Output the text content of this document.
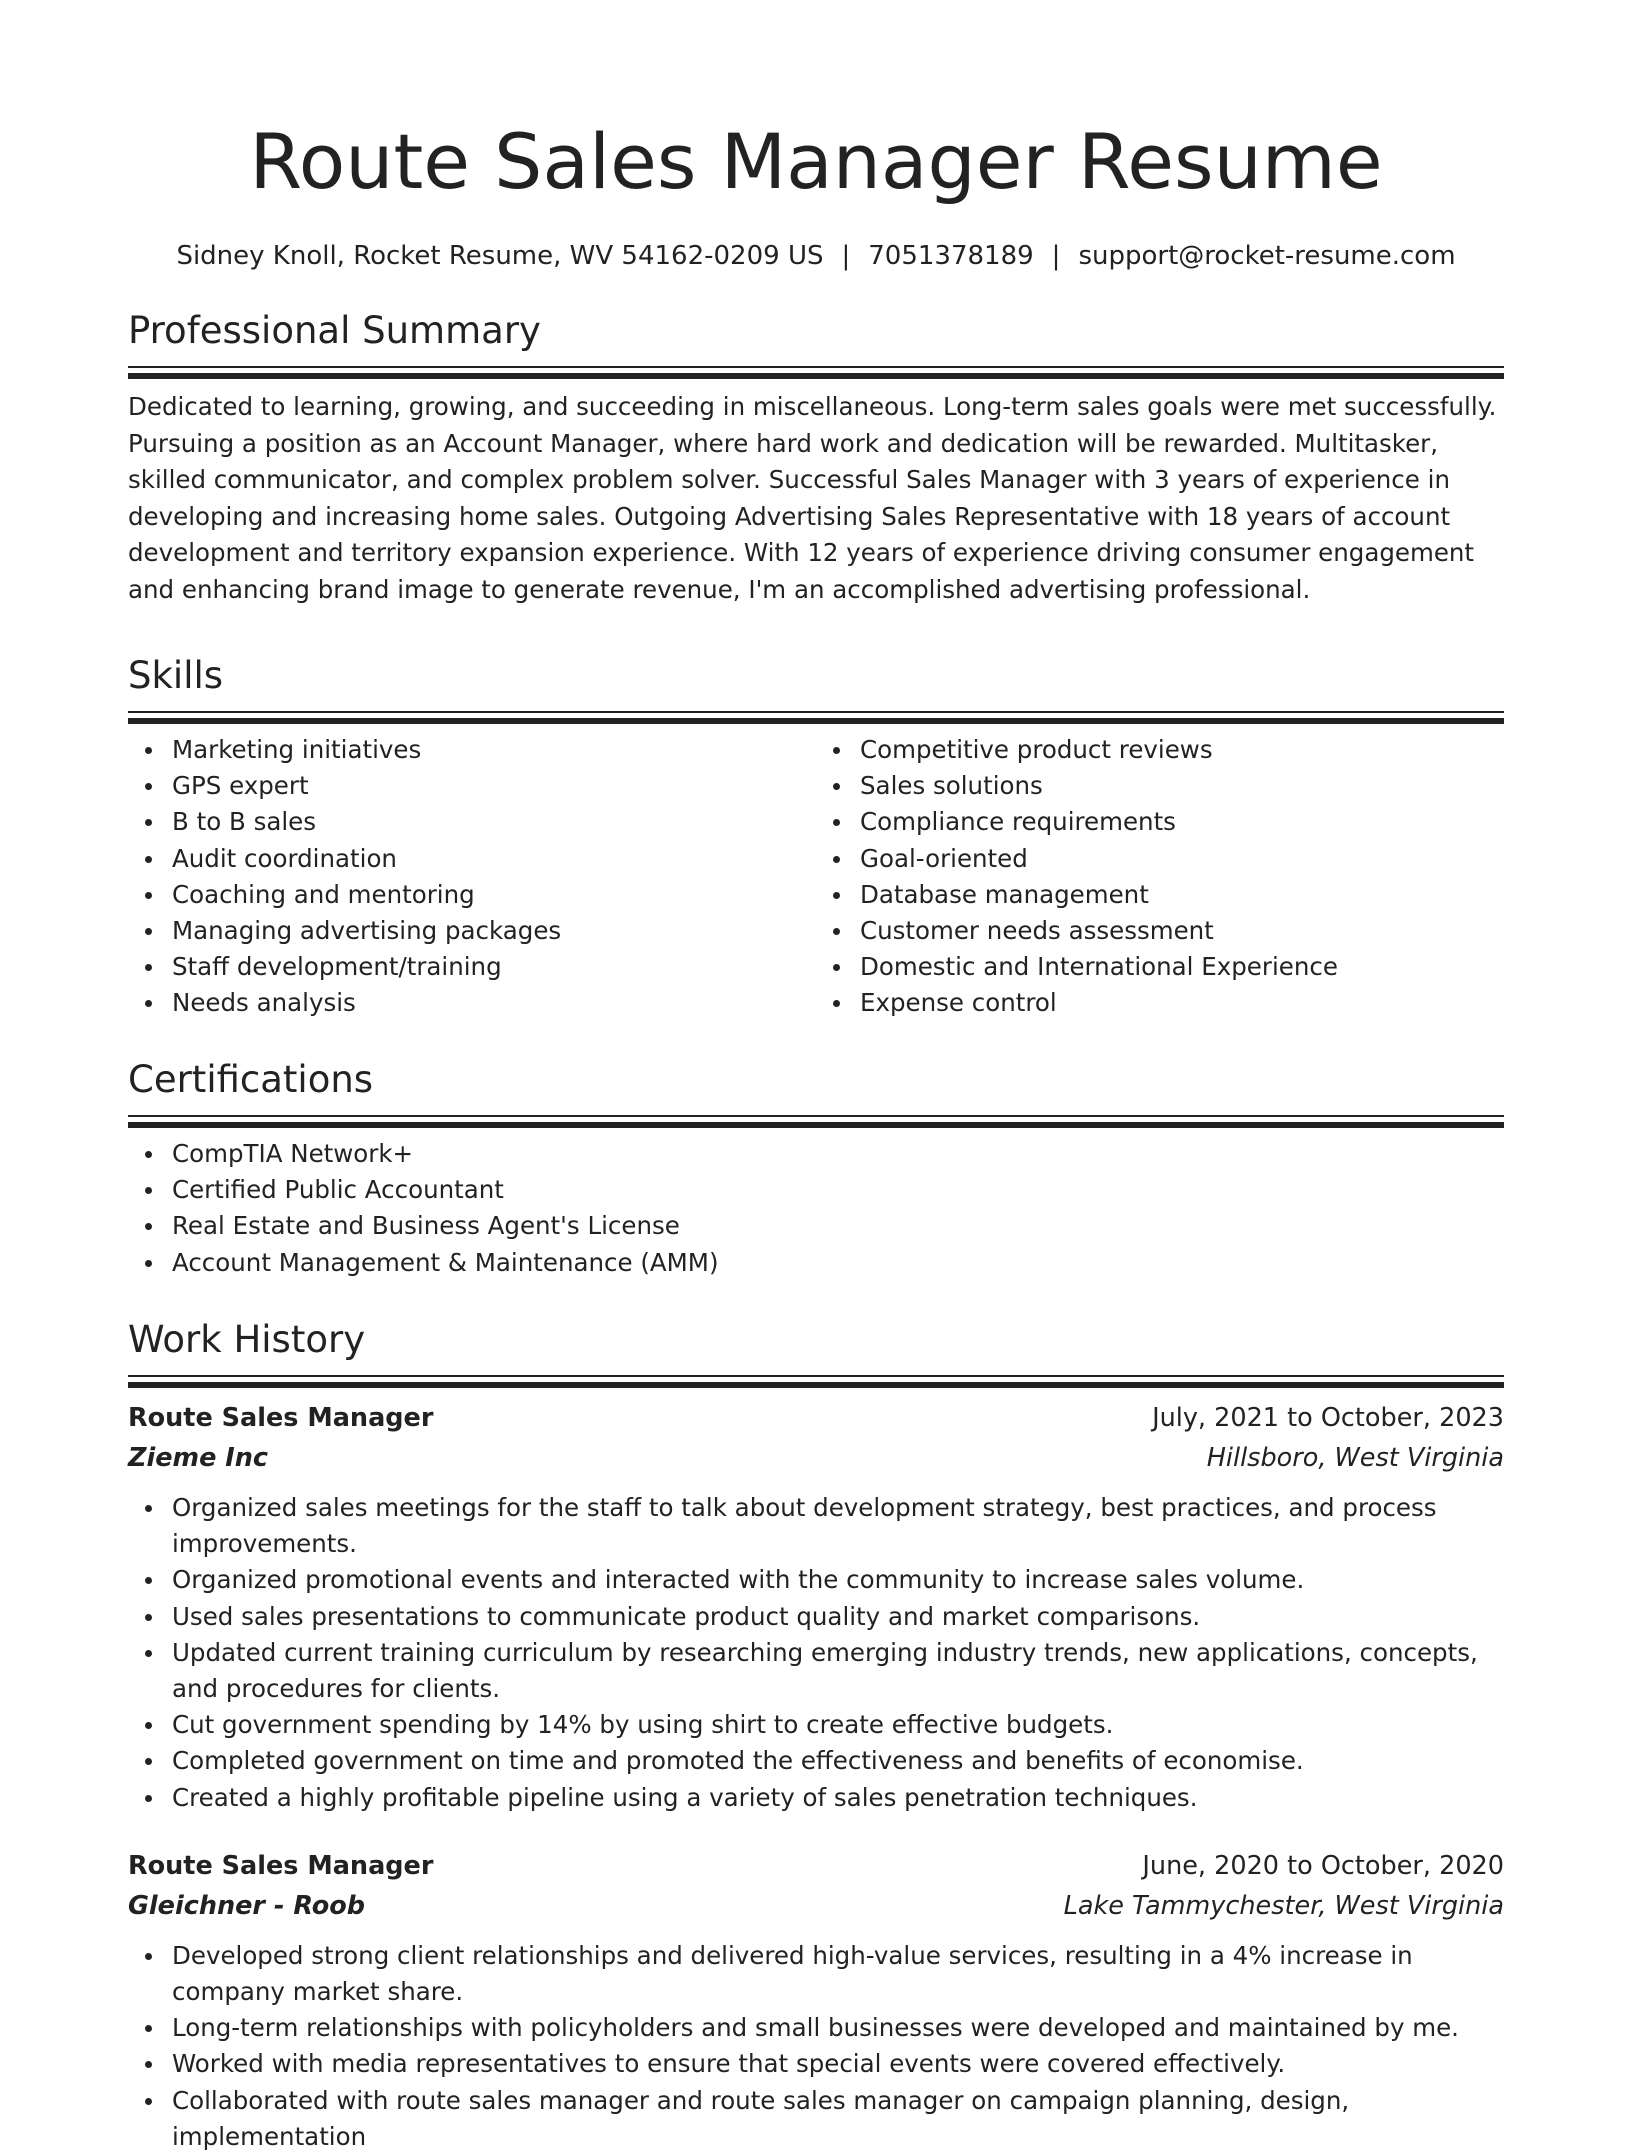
Route Sales Manager Resume
Sidney Knoll, Rocket Resume, WV 54162-0209 US | 7051378189 | support@rocket-resume.com
Professional Summary

Dedicated to learning, growing, and succeeding in miscellaneous. Long-term sales goals were met successfully. Pursuing a position as an Account Manager, where hard work and dedication will be rewarded. Multitasker, skilled communicator, and complex problem solver. Successful Sales Manager with 3 years of experience in developing and increasing home sales. Outgoing Advertising Sales Representative with 18 years of account development and territory expansion experience. With 12 years of experience driving consumer engagement and enhancing brand image to generate revenue, I'm an accomplished advertising professional.

Skills
Marketing initiatives
GPS expert
B to B sales
Audit coordination
Coaching and mentoring
Managing advertising packages
Staff development/training
Needs analysis
Competitive product reviews
Sales solutions
Compliance requirements
Goal-oriented
Database management
Customer needs assessment
Domestic and International Experience
Expense control
Certifications
CompTIA Network+
Certified Public Accountant
Real Estate and Business Agent's License
Account Management & Maintenance (AMM)
Work History
Route Sales Manager	July, 2021 to October, 2023
Zieme Inc	Hillsboro, West Virginia
Organized sales meetings for the staff to talk about development strategy, best practices, and process improvements.
Organized promotional events and interacted with the community to increase sales volume.
Used sales presentations to communicate product quality and market comparisons.
Updated current training curriculum by researching emerging industry trends, new applications, concepts, and procedures for clients.
Cut government spending by 14% by using shirt to create effective budgets.
Completed government on time and promoted the effectiveness and benefits of economise.
Created a highly profitable pipeline using a variety of sales penetration techniques.
Route Sales Manager	June, 2020 to October, 2020
Gleichner - Roob	Lake Tammychester, West Virginia
Developed strong client relationships and delivered high-value services, resulting in a 4% increase in company market share.
Long-term relationships with policyholders and small businesses were developed and maintained by me.
Worked with media representatives to ensure that special events were covered effectively.
Collaborated with route sales manager and route sales manager on campaign planning, design, implementation
